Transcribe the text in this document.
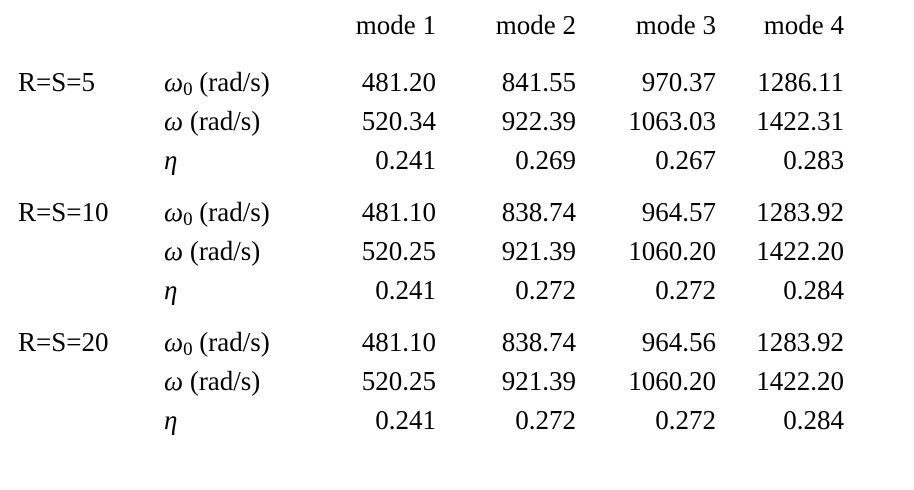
		mode 1	mode 2	mode 3	mode 4
R=S=5	$\omega_0$ (rad/s)	481.20	841.55	970.37	1286.11
	ω (rad/s)	520.34	922.39	1063.03	1422.31
	η	0.241	0.269	0.267	0.283
R=S=10	$\omega_0$ (rad/s)	481.10	838.74	964.57	1283.92
	ω (rad/s)	520.25	921.39	1060.20	1422.20
	η	0.241	0.272	0.272	0.284
R=S=20	$\omega_0$ (rad/s)	481.10	838.74	964.56	1283.92
	ω (rad/s)	520.25	921.39	1060.20	1422.20
	η	0.241	0.272	0.272	0.284
